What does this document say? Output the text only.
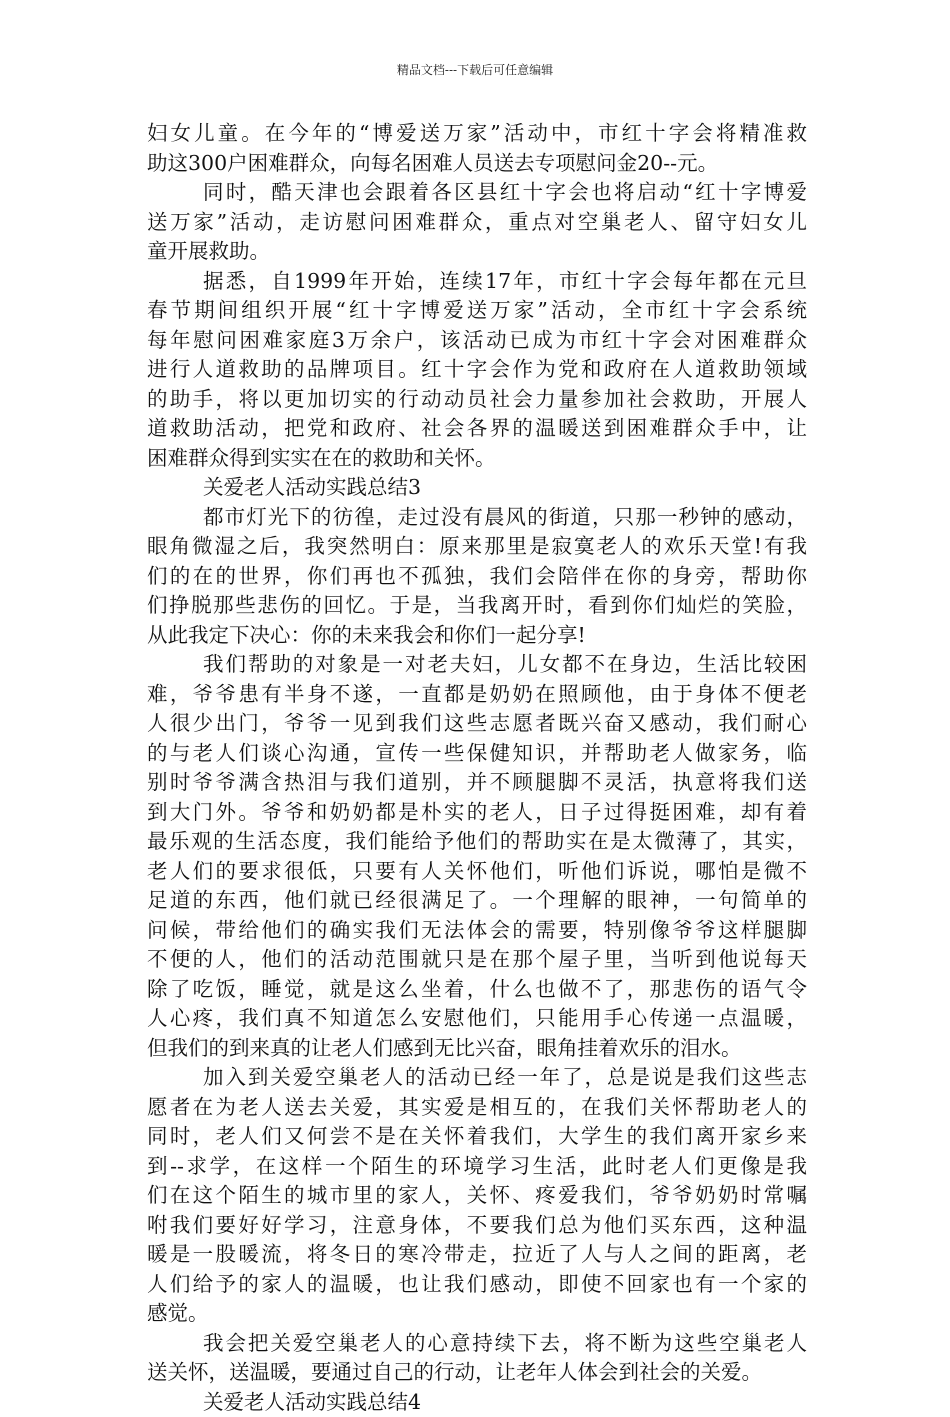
精品文档---下载后可任意编辑
妇女儿童。在今年的“博爱送万家”活动中，市红十字会将精准救
助这300户困难群众，向每名困难人员送去专项慰问金20--元。
同时，酷天津也会跟着各区县红十字会也将启动“红十字博爱
送万家”活动，走访慰问困难群众，重点对空巢老人、留守妇女儿
童开展救助。
据悉，自1999年开始，连续17年，市红十字会每年都在元旦
春节期间组织开展“红十字博爱送万家”活动，全市红十字会系统
每年慰问困难家庭3万余户，该活动已成为市红十字会对困难群众
进行人道救助的品牌项目。红十字会作为党和政府在人道救助领域
的助手，将以更加切实的行动动员社会力量参加社会救助，开展人
道救助活动，把党和政府、社会各界的温暖送到困难群众手中，让
困难群众得到实实在在的救助和关怀。
关爱老人活动实践总结3
都市灯光下的彷徨，走过没有晨风的街道，只那一秒钟的感动，
眼角微湿之后，我突然明白：原来那里是寂寞老人的欢乐天堂!有我
们的在的世界，你们再也不孤独，我们会陪伴在你的身旁，帮助你
们挣脱那些悲伤的回忆。于是，当我离开时，看到你们灿烂的笑脸，
从此我定下决心：你的未来我会和你们一起分享!
我们帮助的对象是一对老夫妇，儿女都不在身边，生活比较困
难，爷爷患有半身不遂，一直都是奶奶在照顾他，由于身体不便老
人很少出门，爷爷一见到我们这些志愿者既兴奋又感动，我们耐心
的与老人们谈心沟通，宣传一些保健知识，并帮助老人做家务，临
别时爷爷满含热泪与我们道别，并不顾腿脚不灵活，执意将我们送
到大门外。爷爷和奶奶都是朴实的老人，日子过得挺困难，却有着
最乐观的生活态度，我们能给予他们的帮助实在是太微薄了，其实，
老人们的要求很低，只要有人关怀他们，听他们诉说，哪怕是微不
足道的东西，他们就已经很满足了。一个理解的眼神，一句简单的
问候，带给他们的确实我们无法体会的需要，特别像爷爷这样腿脚
不便的人，他们的活动范围就只是在那个屋子里，当听到他说每天
除了吃饭，睡觉，就是这么坐着，什么也做不了，那悲伤的语气令
人心疼，我们真不知道怎么安慰他们，只能用手心传递一点温暖，
但我们的到来真的让老人们感到无比兴奋，眼角挂着欢乐的泪水。
加入到关爱空巢老人的活动已经一年了，总是说是我们这些志
愿者在为老人送去关爱，其实爱是相互的，在我们关怀帮助老人的
同时，老人们又何尝不是在关怀着我们，大学生的我们离开家乡来
到--求学，在这样一个陌生的环境学习生活，此时老人们更像是我
们在这个陌生的城市里的家人，关怀、疼爱我们，爷爷奶奶时常嘱
咐我们要好好学习，注意身体，不要我们总为他们买东西，这种温
暖是一股暖流，将冬日的寒冷带走，拉近了人与人之间的距离，老
人们给予的家人的温暖，也让我们感动，即使不回家也有一个家的
感觉。
我会把关爱空巢老人的心意持续下去，将不断为这些空巢老人
送关怀，送温暖，要通过自己的行动，让老年人体会到社会的关爱。
关爱老人活动实践总结4
